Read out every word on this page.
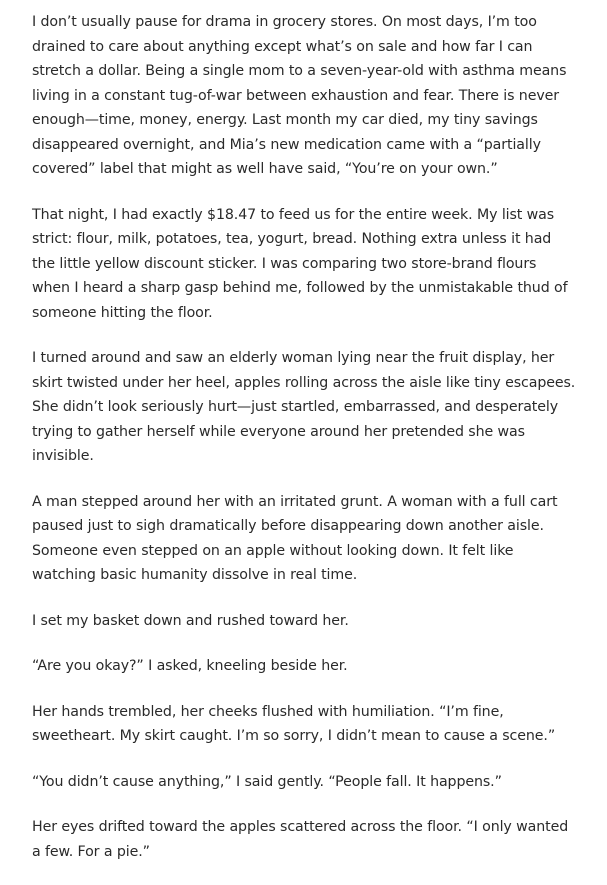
I don’t usually pause for drama in grocery stores. On most days, I’m too drained to care about anything except what’s on sale and how far I can stretch a dollar. Being a single mom to a seven-year-old with asthma means living in a constant tug-of-war between exhaustion and fear. There is never enough—time, money, energy. Last month my car died, my tiny savings disappeared overnight, and Mia’s new medication came with a “partially covered” label that might as well have said, “You’re on your own.”

That night, I had exactly $18.47 to feed us for the entire week. My list was strict: flour, milk, potatoes, tea, yogurt, bread. Nothing extra unless it had the little yellow discount sticker. I was comparing two store-brand flours when I heard a sharp gasp behind me, followed by the unmistakable thud of someone hitting the floor.

I turned around and saw an elderly woman lying near the fruit display, her skirt twisted under her heel, apples rolling across the aisle like tiny escapees. She didn’t look seriously hurt—just startled, embarrassed, and desperately trying to gather herself while everyone around her pretended she was invisible.

A man stepped around her with an irritated grunt. A woman with a full cart paused just to sigh dramatically before disappearing down another aisle. Someone even stepped on an apple without looking down. It felt like watching basic humanity dissolve in real time.

I set my basket down and rushed toward her.

“Are you okay?” I asked, kneeling beside her.

Her hands trembled, her cheeks flushed with humiliation. “I’m fine, sweetheart. My skirt caught. I’m so sorry, I didn’t mean to cause a scene.”

“You didn’t cause anything,” I said gently. “People fall. It happens.”

Her eyes drifted toward the apples scattered across the floor. “I only wanted a few. For a pie.”
